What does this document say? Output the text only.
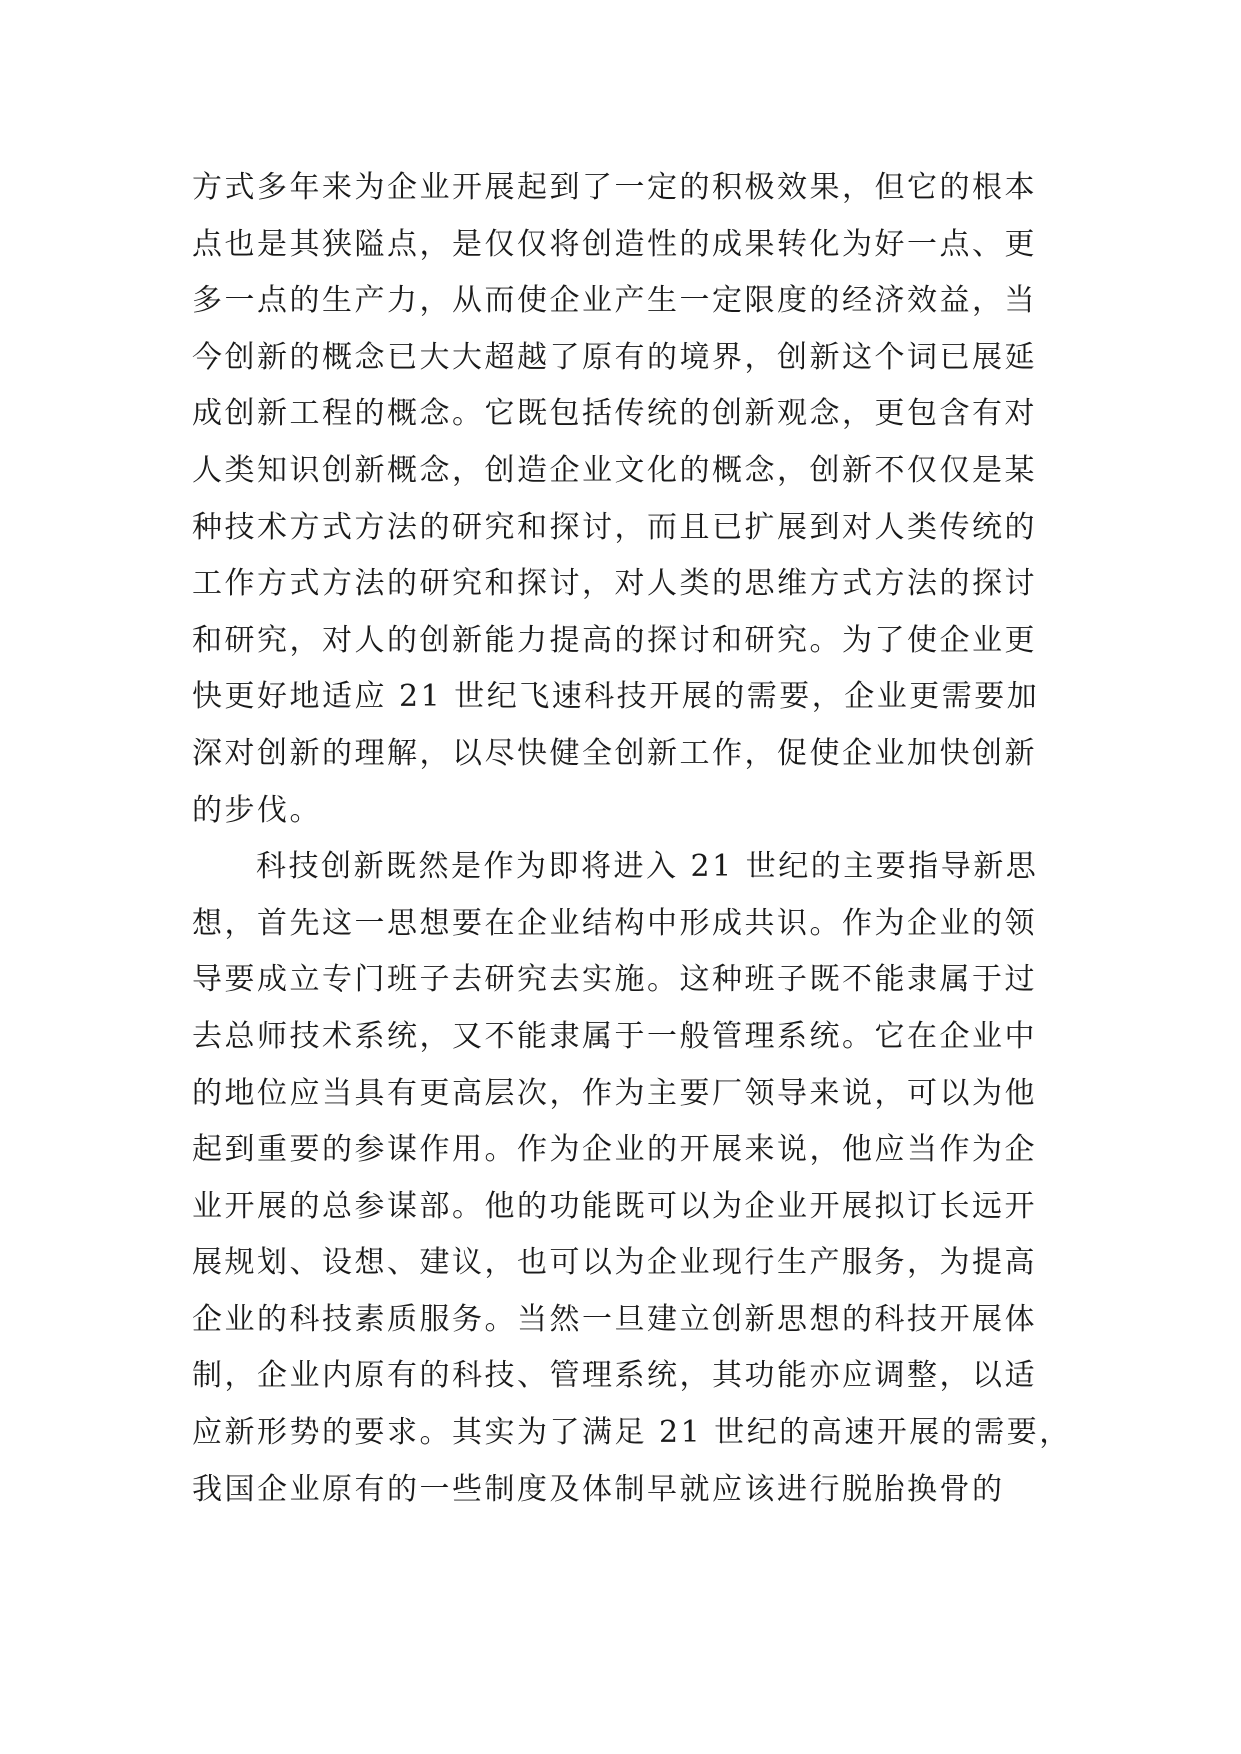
方式多年来为企业开展起到了一定的积极效果，但它的根本
点也是其狭隘点，是仅仅将创造性的成果转化为好一点、更
多一点的生产力，从而使企业产生一定限度的经济效益，当
今创新的概念已大大超越了原有的境界，创新这个词已展延
成创新工程的概念。它既包括传统的创新观念，更包含有对
人类知识创新概念，创造企业文化的概念，创新不仅仅是某
种技术方式方法的研究和探讨，而且已扩展到对人类传统的
工作方式方法的研究和探讨，对人类的思维方式方法的探讨
和研究，对人的创新能力提高的探讨和研究。为了使企业更
快更好地适应 21 世纪飞速科技开展的需要，企业更需要加
深对创新的理解，以尽快健全创新工作，促使企业加快创新
的步伐。
科技创新既然是作为即将进入 21 世纪的主要指导新思
想，首先这一思想要在企业结构中形成共识。作为企业的领
导要成立专门班子去研究去实施。这种班子既不能隶属于过
去总师技术系统，又不能隶属于一般管理系统。它在企业中
的地位应当具有更高层次，作为主要厂领导来说，可以为他
起到重要的参谋作用。作为企业的开展来说，他应当作为企
业开展的总参谋部。他的功能既可以为企业开展拟订长远开
展规划、设想、建议，也可以为企业现行生产服务，为提高
企业的科技素质服务。当然一旦建立创新思想的科技开展体
制，企业内原有的科技、管理系统，其功能亦应调整，以适
应新形势的要求。其实为了满足 21 世纪的高速开展的需要，
我国企业原有的一些制度及体制早就应该进行脱胎换骨的
